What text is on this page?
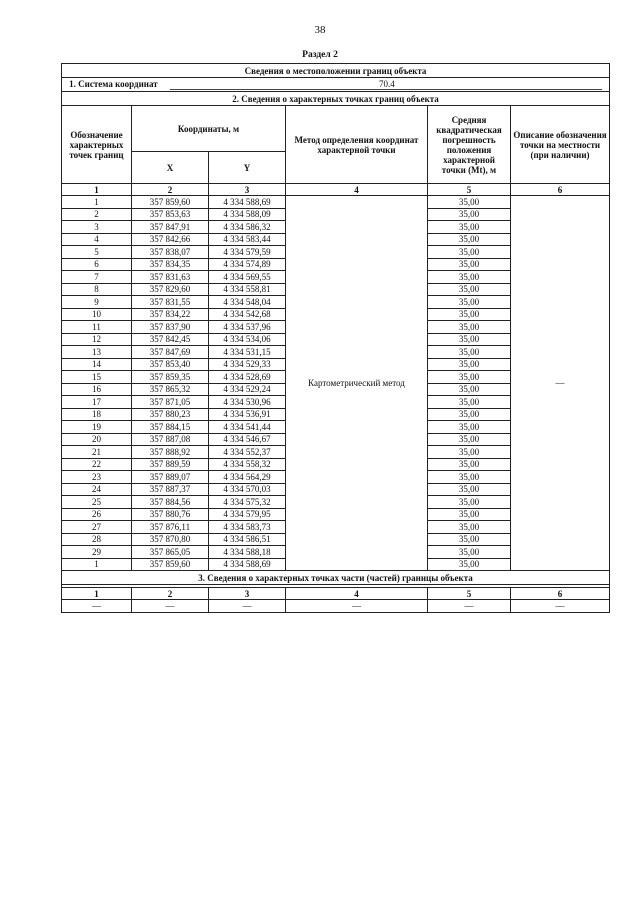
38
Раздел 2
Сведения о местоположении границ объекта					
1. Система координат 70.4					
2. Сведения о характерных точках границ объекта					
Обозначение характерных точек границ	Координаты, м		Метод определения координат характерной точки	Средняя квадратическая погрешность положения характерной точки (Mt), м	Описание обозначения точки на местности (при наличии)
	X	Y			
1	2	3	4	5	6
1	357 859,60	4 334 588,69	Картометрический метод	35,00	—
2	357 853,63	4 334 588,09		35,00	
3	357 847,91	4 334 586,32		35,00	
4	357 842,66	4 334 583,44		35,00	
5	357 838,07	4 334 579,59		35,00	
6	357 834,35	4 334 574,89		35,00	
7	357 831,63	4 334 569,55		35,00	
8	357 829,60	4 334 558,81		35,00	
9	357 831,55	4 334 548,04		35,00	
10	357 834,22	4 334 542,68		35,00	
11	357 837,90	4 334 537,96		35,00	
12	357 842,45	4 334 534,06		35,00	
13	357 847,69	4 334 531,15		35,00	
14	357 853,40	4 334 529,33		35,00	
15	357 859,35	4 334 528,69		35,00	
16	357 865,32	4 334 529,24		35,00	
17	357 871,05	4 334 530,96		35,00	
18	357 880,23	4 334 536,91		35,00	
19	357 884,15	4 334 541,44		35,00	
20	357 887,08	4 334 546,67		35,00	
21	357 888,92	4 334 552,37		35,00	
22	357 889,59	4 334 558,32		35,00	
23	357 889,07	4 334 564,29		35,00	
24	357 887,37	4 334 570,03		35,00	
25	357 884,56	4 334 575,32		35,00	
26	357 880,76	4 334 579,95		35,00	
27	357 876,11	4 334 583,73		35,00	
28	357 870,80	4 334 586,51		35,00	
29	357 865,05	4 334 588,18		35,00	
1	357 859,60	4 334 588,69		35,00	
3. Сведения о характерных точках части (частей) границы объекта					

1	2	3	4	5	6
—	—	—	—	—	—
